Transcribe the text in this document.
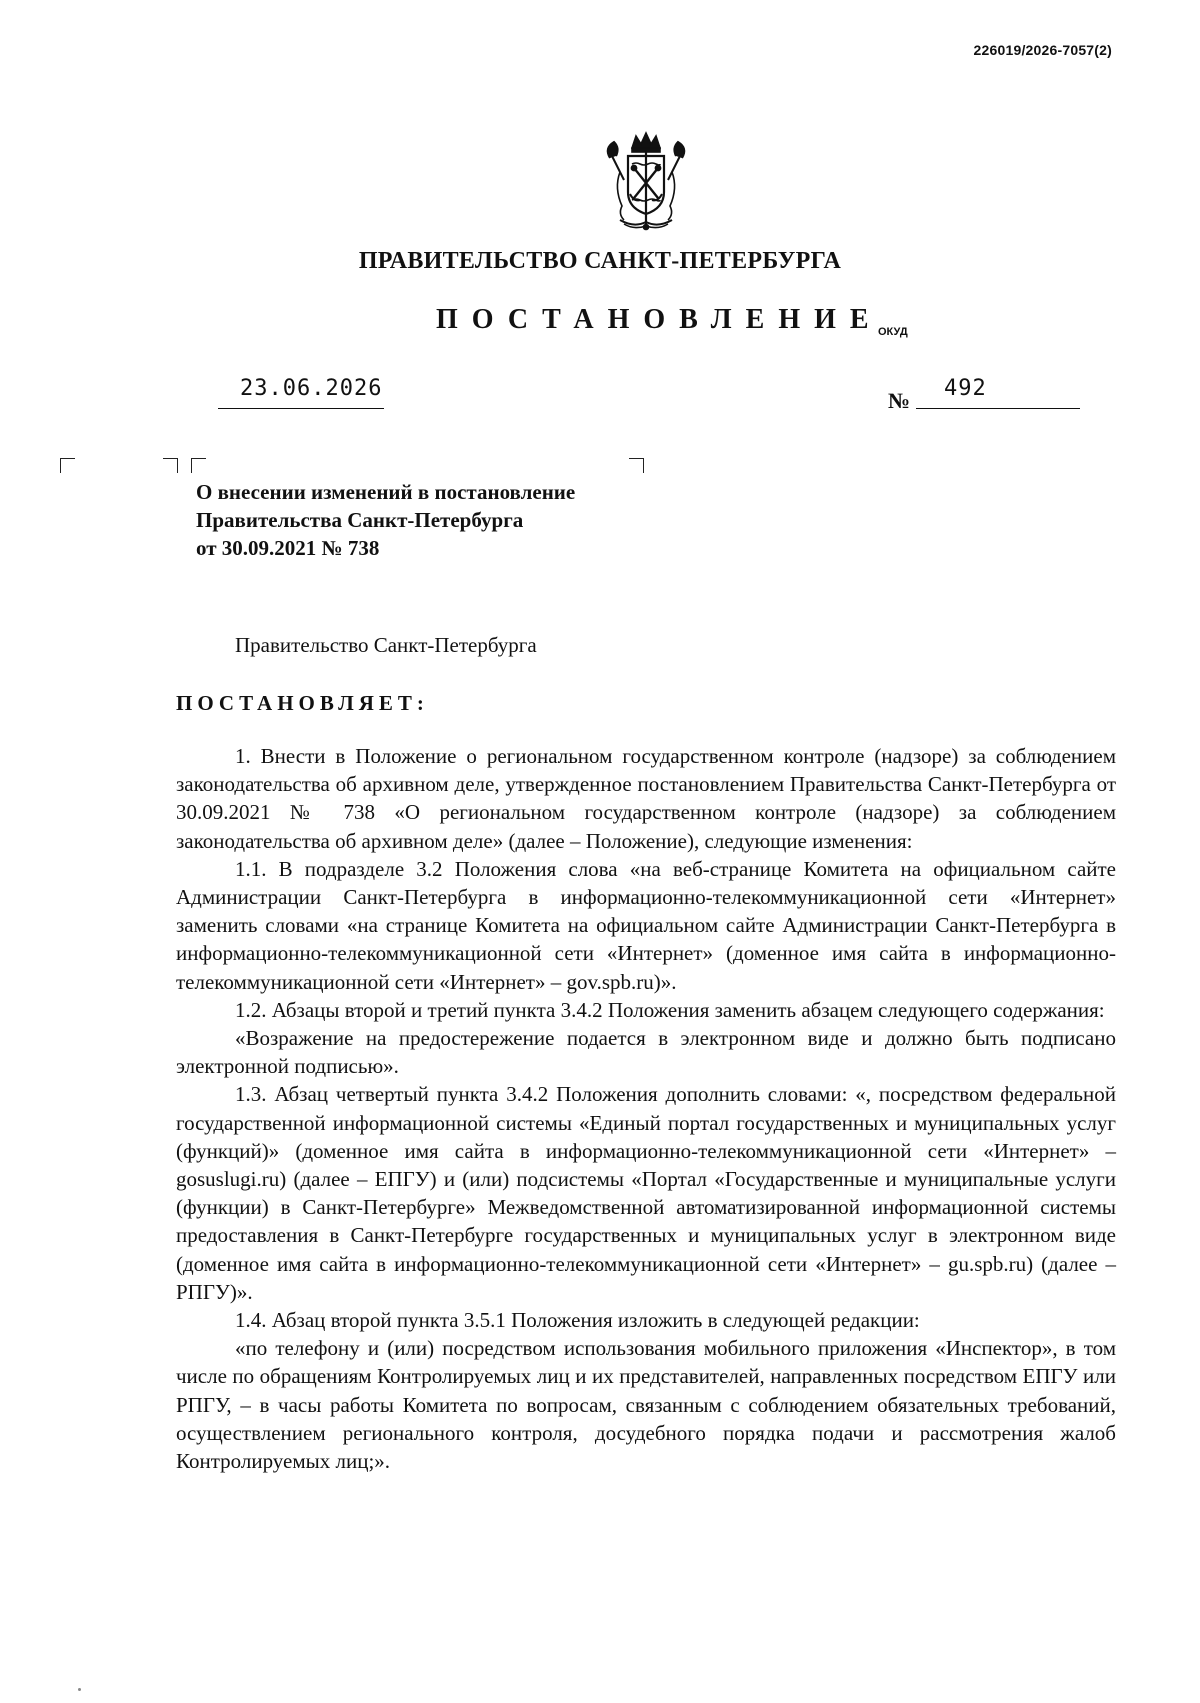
226019/2026-7057(2)
ПРАВИТЕЛЬСТВО САНКТ-ПЕТЕРБУРГА
ПОСТАНОВЛЕНИЕ
ОКУД
23.06.2026	№ 492
О внесении изменений в постановление
Правительства Санкт-Петербурга
от 30.09.2021 № 738
Правительство Санкт-Петербурга
ПОСТАНОВЛЯЕТ:

1. Внести в Положение о региональном государственном контроле (надзоре) за соблюдением законодательства об архивном деле, утвержденное постановлением Правительства Санкт-Петербурга от 30.09.2021 № 738 «О региональном государственном контроле (надзоре) за соблюдением законодательства об архивном деле» (далее – Положение), следующие изменения:

1.1. В подразделе 3.2 Положения слова «на веб-странице Комитета на официальном сайте Администрации Санкт-Петербурга в информационно-телекоммуникационной сети «Интернет» заменить словами «на странице Комитета на официальном сайте Администрации Санкт-Петербурга в информационно-телекоммуникационной сети «Интернет» (доменное имя сайта в информационно-телекоммуникационной сети «Интернет» – gov.spb.ru)».

1.2. Абзацы второй и третий пункта 3.4.2 Положения заменить абзацем следующего содержания:

«Возражение на предостережение подается в электронном виде и должно быть подписано электронной подписью».

1.3. Абзац четвертый пункта 3.4.2 Положения дополнить словами: «, посредством федеральной государственной информационной системы «Единый портал государственных и муниципальных услуг (функций)» (доменное имя сайта в информационно-телекоммуникационной сети «Интернет» – gosuslugi.ru) (далее – ЕПГУ) и (или) подсистемы «Портал «Государственные и муниципальные услуги (функции) в Санкт-Петербурге» Межведомственной автоматизированной информационной системы предоставления в Санкт-Петербурге государственных и муниципальных услуг в электронном виде (доменное имя сайта в информационно-телекоммуникационной сети «Интернет» – gu.spb.ru) (далее – РПГУ)».

1.4. Абзац второй пункта 3.5.1 Положения изложить в следующей редакции:

«по телефону и (или) посредством использования мобильного приложения «Инспектор», в том числе по обращениям Контролируемых лиц и их представителей, направленных посредством ЕПГУ или РПГУ, – в часы работы Комитета по вопросам, связанным с соблюдением обязательных требований, осуществлением регионального контроля, досудебного порядка подачи и рассмотрения жалоб Контролируемых лиц;».
